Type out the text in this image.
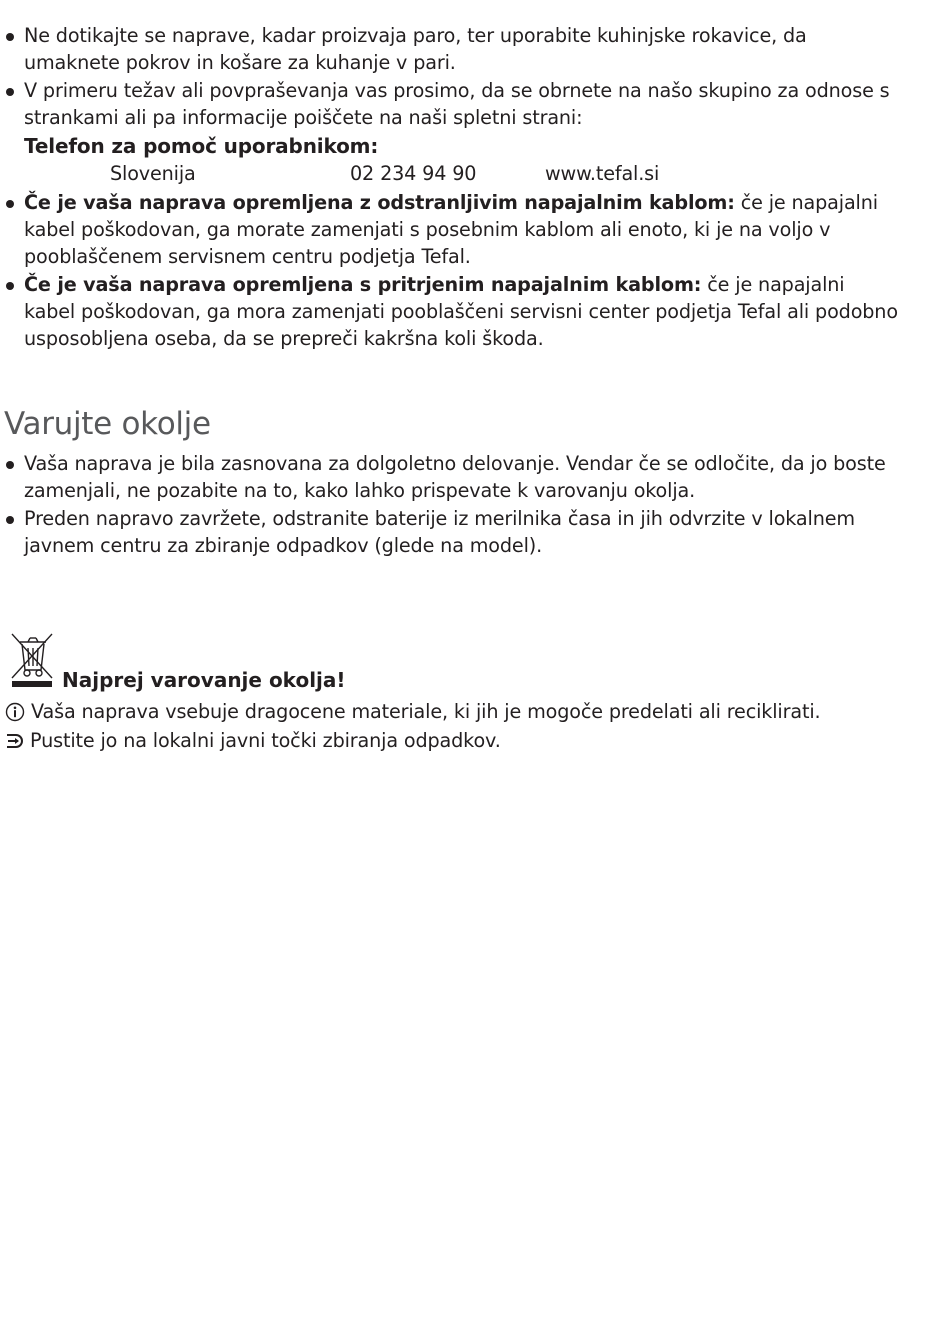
Ne dotikajte se naprave, kadar proizvaja paro, ter uporabite kuhinjske rokavice, da umaknete pokrov in košare za kuhanje v pari.
V primeru težav ali povpraševanja vas prosimo, da se obrnete na našo skupino za odnose s strankami ali pa informacije poiščete na naši spletni strani:
Telefon za pomoč uporabnikom:
Slovenija	02 234 94 90	www.tefal.si
Če je vaša naprava opremljena z odstranljivim napajalnim kablom: če je napajalni kabel poškodovan, ga morate zamenjati s posebnim kablom ali enoto, ki je na voljo v pooblaščenem servisnem centru podjetja Tefal.
Če je vaša naprava opremljena s pritrjenim napajalnim kablom: če je napajalni kabel poškodovan, ga mora zamenjati pooblaščeni servisni center podjetja Tefal ali podobno usposobljena oseba, da se prepreči kakršna koli škoda.
Varujte okolje
Vaša naprava je bila zasnovana za dolgoletno delovanje. Vendar če se odločite, da jo boste zamenjali, ne pozabite na to, kako lahko prispevate k varovanju okolja.
Preden napravo zavržete, odstranite baterije iz merilnika časa in jih odvrzite v lokalnem javnem centru za zbiranje odpadkov (glede na model).
Najprej varovanje okolja!
Vaša naprava vsebuje dragocene materiale, ki jih je mogoče predelati ali reciklirati.
Pustite jo na lokalni javni točki zbiranja odpadkov.
